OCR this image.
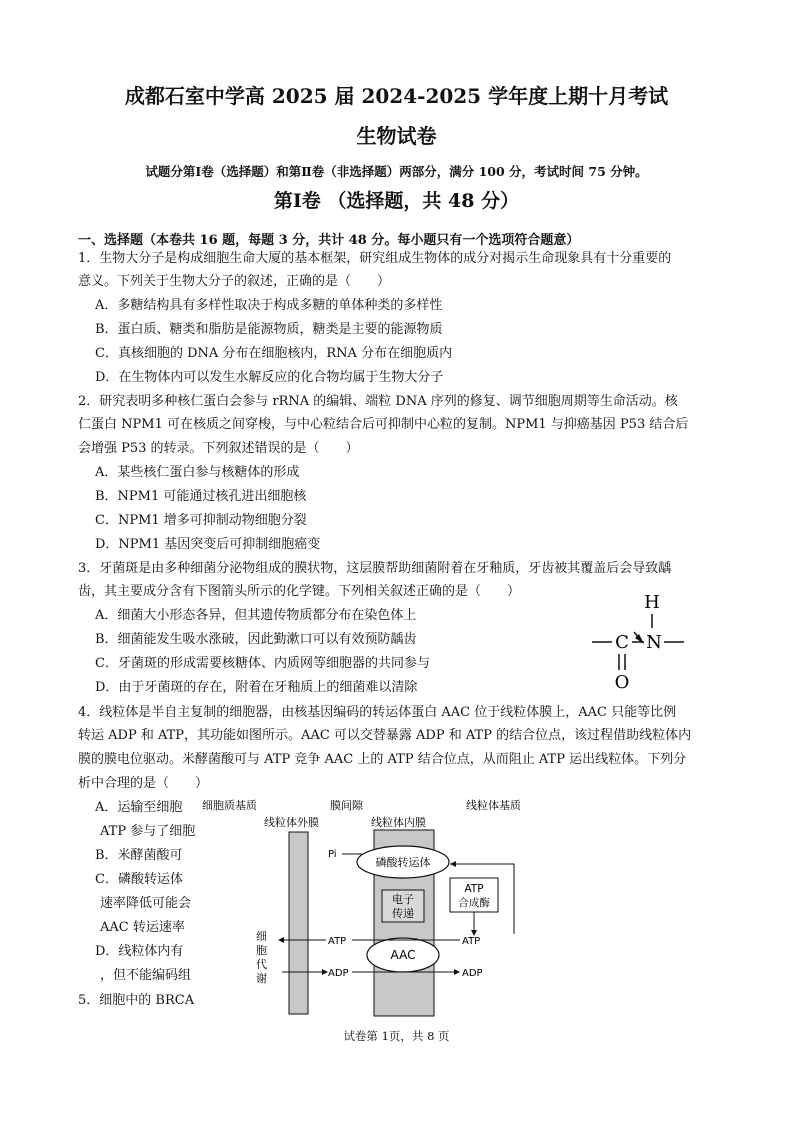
成都石室中学高 2025 届 2024-2025 学年度上期十月考试
生物试卷
试题分第Ⅰ卷（选择题）和第Ⅱ卷（非选择题）两部分，满分 100 分，考试时间 75 分钟。
第Ⅰ卷 （选择题，共 48 分）
一、选择题（本卷共 16 题，每题 3 分，共计 48 分。每小题只有一个选项符合题意）
1．生物大分子是构成细胞生命大厦的基本框架，研究组成生物体的成分对揭示生命现象具有十分重要的
意义。下列关于生物大分子的叙述，正确的是（　　）
A．多糖结构具有多样性取决于构成多糖的单体种类的多样性
B．蛋白质、糖类和脂肪是能源物质，糖类是主要的能源物质
C．真核细胞的 DNA 分布在细胞核内，RNA 分布在细胞质内
D．在生物体内可以发生水解反应的化合物均属于生物大分子
2．研究表明多种核仁蛋白会参与 rRNA 的编辑、端粒 DNA 序列的修复、调节细胞周期等生命活动。核
仁蛋白 NPM1 可在核质之间穿梭，与中心粒结合后可抑制中心粒的复制。NPM1 与抑癌基因 P53 结合后
会增强 P53 的转录。下列叙述错误的是（　　）
A．某些核仁蛋白参与核糖体的形成
B．NPM1 可能通过核孔进出细胞核
C．NPM1 增多可抑制动物细胞分裂
D．NPM1 基因突变后可抑制细胞癌变
3．牙菌斑是由多种细菌分泌物组成的膜状物，这层膜帮助细菌附着在牙釉质，牙齿被其覆盖后会导致龋
齿，其主要成分含有下图箭头所示的化学键。下列相关叙述正确的是（　　）
A．细菌大小形态各异，但其遗传物质都分布在染色体上
B．细菌能发生吸水涨破，因此勤漱口可以有效预防龋齿
C．牙菌斑的形成需要核糖体、内质网等细胞器的共同参与
D．由于牙菌斑的存在，附着在牙釉质上的细菌难以清除
H
C N
O
4．线粒体是半自主复制的细胞器，由核基因编码的转运体蛋白 AAC 位于线粒体膜上，AAC 只能等比例
转运 ADP 和 ATP，其功能如图所示。AAC 可以交替暴露 ADP 和 ATP 的结合位点，该过程借助线粒体内
膜的膜电位驱动。米酵菌酸可与 ATP 竞争 AAC 上的 ATP 结合位点，从而阻止 ATP 运出线粒体。下列分
析中合理的是（　　）
A．运输至细胞
ATP 参与了细胞
B．米酵菌酸可
C．磷酸转运体
速率降低可能会
AAC 转运速率
D．线粒体内有
，但不能编码组
5．细胞中的 BRCA
细胞质基质	膜间隙	线粒体基质
线粒体外膜	线粒体内膜
Pi
磷酸转运体
电子
传递
ATP
合成酶
AAC
ATP	ATP
ADP	ADP
细
胞
代
谢
试卷第 1页，共 8 页
